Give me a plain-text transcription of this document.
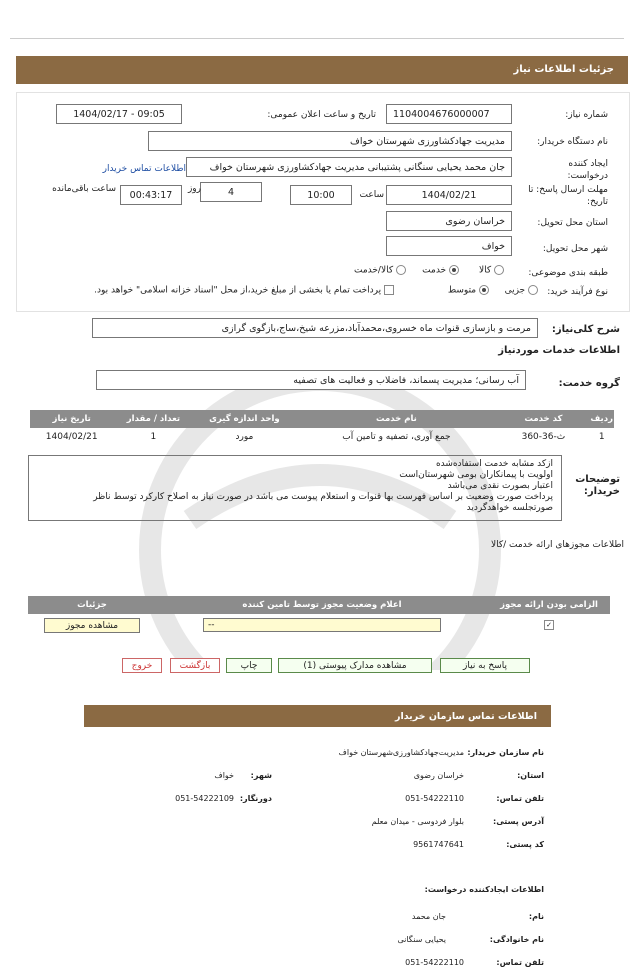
جزئیات اطلاعات نیاز
شماره نیاز:
1104004676000007
تاریخ و ساعت اعلان عمومی:
1404/02/17 - 09:05
نام دستگاه خریدار:
مدیریت جهادکشاورزی شهرستان خواف
ایجاد کننده درخواست:
جان محمد یحیایی سنگانی پشتیبانی مدیریت جهادکشاورزی شهرستان خواف
اطلاعات تماس خریدار
مهلت ارسال پاسخ: تا تاریخ:
1404/02/21
ساعت
10:00
4
روز
00:43:17
ساعت باقی‌مانده
استان محل تحویل:
خراسان رضوی
شهر محل تحویل:
خواف
طبقه بندی موضوعی:
کالا
خدمت
کالا/خدمت
نوع فرآیند خرید:
جزیی
متوسط
پرداخت تمام یا بخشی از مبلغ خرید،از محل "اسناد خزانه اسلامی" خواهد بود.
شرح کلی‌نیاز:
مرمت و بازسازی قنوات ماه خسروی،محمدآباد،مزرعه شیخ،ساج،بازگوی گرازی
اطلاعات خدمات موردنیاز
گروه خدمت:
آب رسانی؛ مدیریت پسماند، فاضلاب و فعالیت های تصفیه
ردیف	کد خدمت	نام خدمت	واحد اندازه گیری	تعداد / مقدار	تاریخ نیاز
1	ث-36-360	جمع آوری، تصفیه و تامین آب	مورد	1	1404/02/21
توضیحات خریدار:
ازکد مشابه خدمت استفاده‌شده
اولویت با پیمانکاران بومی شهرستان‌است
اعتبار بصورت نقدی می‌باشد
پرداخت صورت وضعیت بر اساس فهرست بها قنوات و استعلام پیوست می باشد در صورت نیاز به اصلاح کارکرد توسط ناظر
صورتجلسه خواهدگردید
اطلاعات مجوزهای ارائه خدمت /کالا
الزامی بودن ارائه مجوز	اعلام وضعیت مجوز توسط تامین کننده	جزئیات
✓	--	مشاهده مجوز
پاسخ به نیاز
مشاهده مدارک پیوستی (1)
چاپ
بازگشت
خروج
اطلاعات تماس سازمان خریدار
نام سازمان خریدار:
مدیریت‌جهادکشاورزی‌شهرستان خواف
استان:
خراسان رضوی
شهر:
خواف
تلفن تماس:
051-54222110
دورنگار:
051-54222109
آدرس پستی:
بلوار فردوسی - میدان معلم
کد پستی:
9561747641
اطلاعات ایجادکننده درخواست:
نام:
جان محمد
نام خانوادگی:
یحیایی سنگانی
تلفن تماس:
051-54222110
